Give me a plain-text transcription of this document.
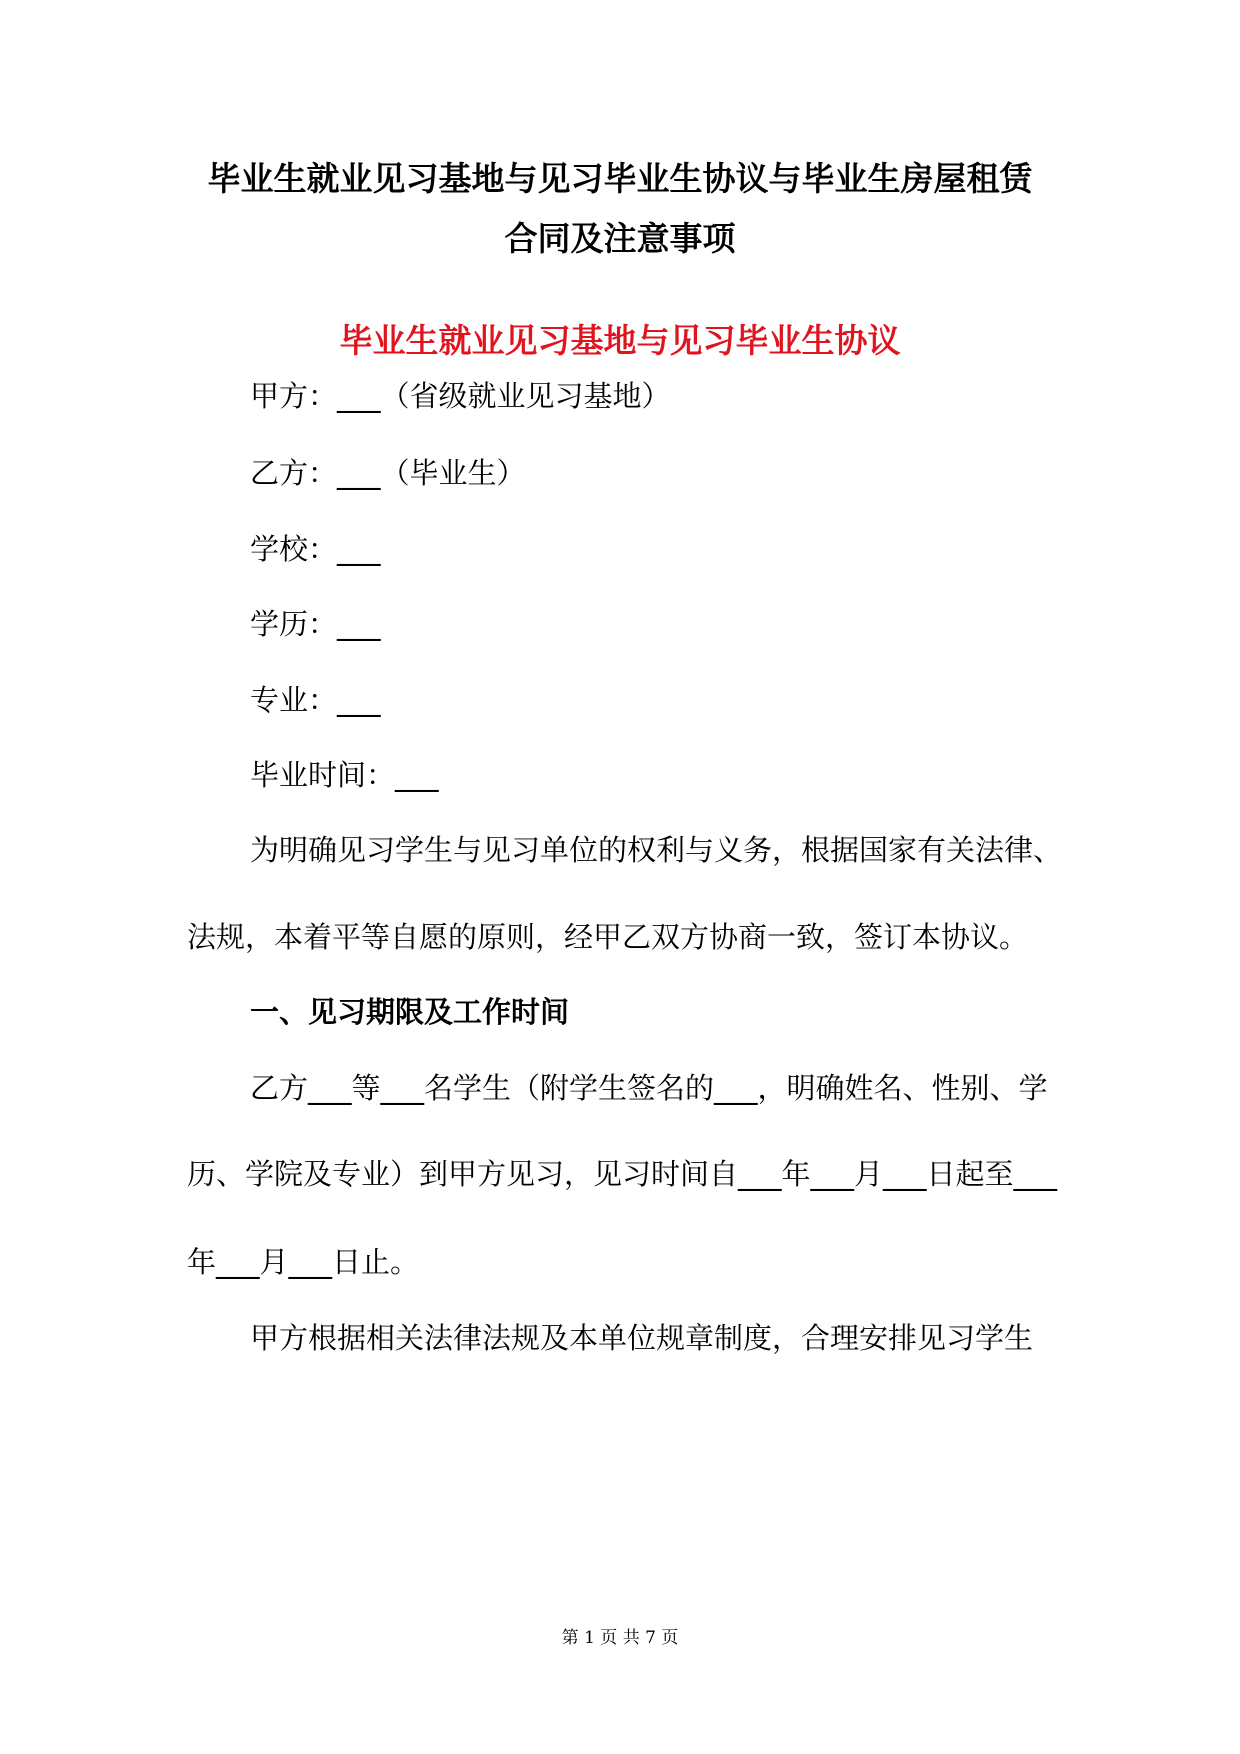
毕业生就业见习基地与见习毕业生协议与毕业生房屋租赁
合同及注意事项
毕业生就业见习基地与见习毕业生协议
甲方：___（省级就业见习基地）
乙方：___（毕业生）
学校：___
学历：___
专业：___
毕业时间：___
为明确见习学生与见习单位的权利与义务，根据国家有关法律、
法规，本着平等自愿的原则，经甲乙双方协商一致，签订本协议。
一、见习期限及工作时间
乙方___等___名学生（附学生签名的___，明确姓名、性别、学
历、学院及专业）到甲方见习，见习时间自___年___月___日起至___
年___月___日止。
甲方根据相关法律法规及本单位规章制度，合理安排见习学生
第 1 页 共 7 页
